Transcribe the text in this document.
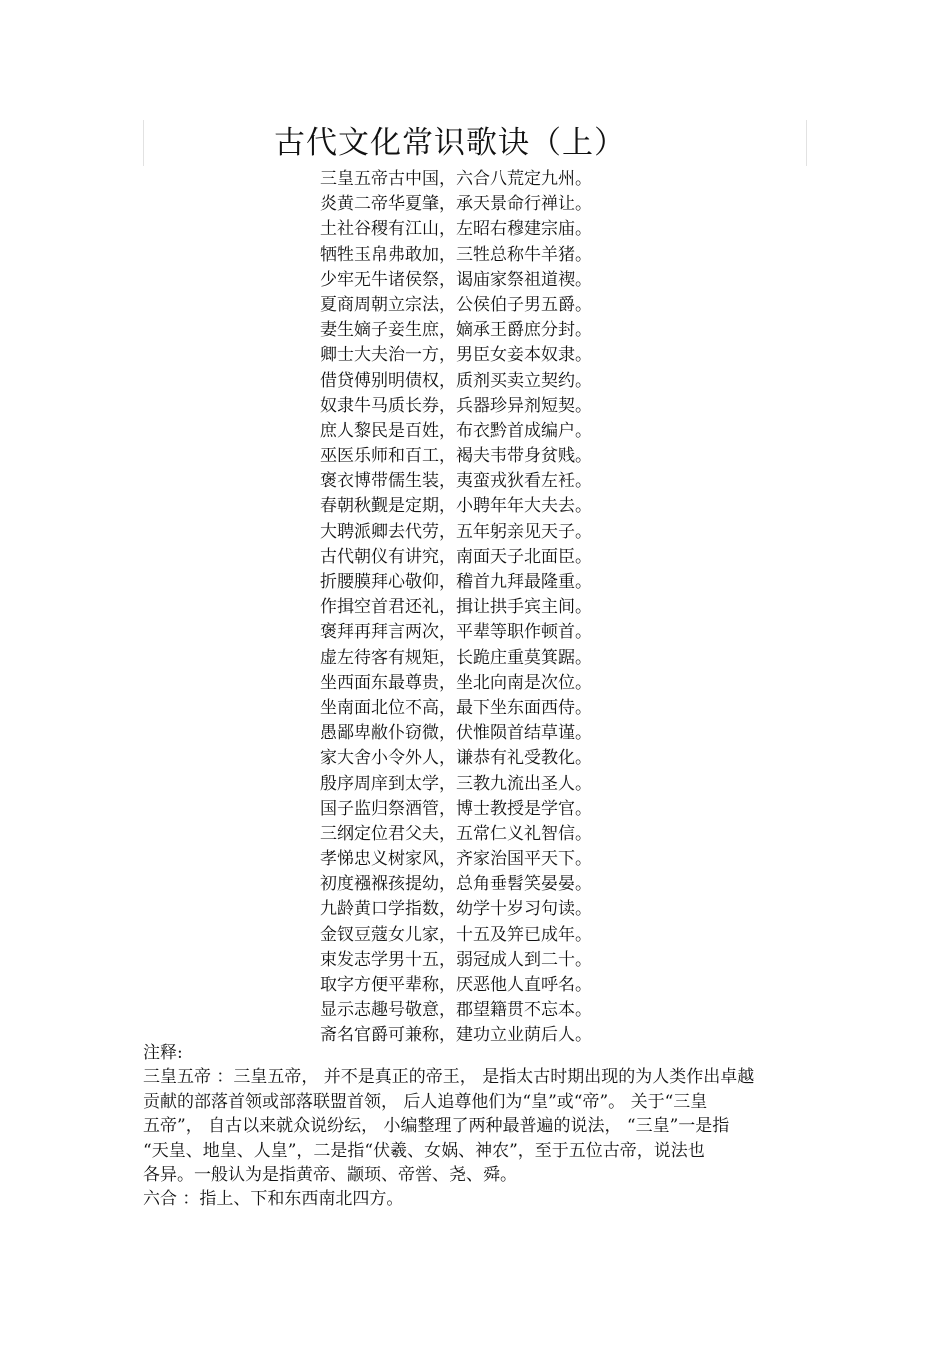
古代文化常识歌诀（上）
三皇五帝古中国，六合八荒定九州。
炎黄二帝华夏肇，承天景命行禅让。
土社谷稷有江山，左昭右穆建宗庙。
牺牲玉帛弗敢加，三牲总称牛羊猪。
少牢无牛诸侯祭，谒庙家祭祖道禊。
夏商周朝立宗法，公侯伯子男五爵。
妻生嫡子妾生庶，嫡承王爵庶分封。
卿士大夫治一方，男臣女妾本奴隶。
借贷傅别明债权，质剂买卖立契约。
奴隶牛马质长券，兵器珍异剂短契。
庶人黎民是百姓，布衣黔首成编户。
巫医乐师和百工，褐夫韦带身贫贱。
褒衣博带儒生装，夷蛮戎狄看左衽。
春朝秋觐是定期，小聘年年大夫去。
大聘派卿去代劳，五年躬亲见天子。
古代朝仪有讲究，南面天子北面臣。
折腰膜拜心敬仰，稽首九拜最隆重。
作揖空首君还礼，揖让拱手宾主间。
褒拜再拜言两次，平辈等职作顿首。
虚左待客有规矩，长跪庄重莫箕踞。
坐西面东最尊贵，坐北向南是次位。
坐南面北位不高，最下坐东面西侍。
愚鄙卑敝仆窃微，伏惟陨首结草谨。
家大舍小令外人，谦恭有礼受教化。
殷序周庠到太学，三教九流出圣人。
国子监归祭酒管，博士教授是学官。
三纲定位君父夫，五常仁义礼智信。
孝悌忠义树家风，齐家治国平天下。
初度襁褓孩提幼，总角垂髫笑晏晏。
九龄黄口学指数，幼学十岁习句读。
金钗豆蔻女儿家，十五及笄已成年。
束发志学男十五，弱冠成人到二十。
取字方便平辈称，厌恶他人直呼名。
显示志趣号敬意，郡望籍贯不忘本。
斋名官爵可兼称，建功立业荫后人。
注释:
三皇五帝 ：三皇五帝， 并不是真正的帝王， 是指太古时期出现的为人类作出卓越
贡献的部落首领或部落联盟首领， 后人追尊他们为“皇”或“帝”。 关于“三皇
五帝”， 自古以来就众说纷纭， 小编整理了两种最普遍的说法， “三皇”一是指
“天皇、地皇、人皇”，二是指“伏羲、女娲、神农”，至于五位古帝，说法也
各异。一般认为是指黄帝、颛顼、帝喾、尧、舜。
六合 ：指上、下和东西南北四方。
